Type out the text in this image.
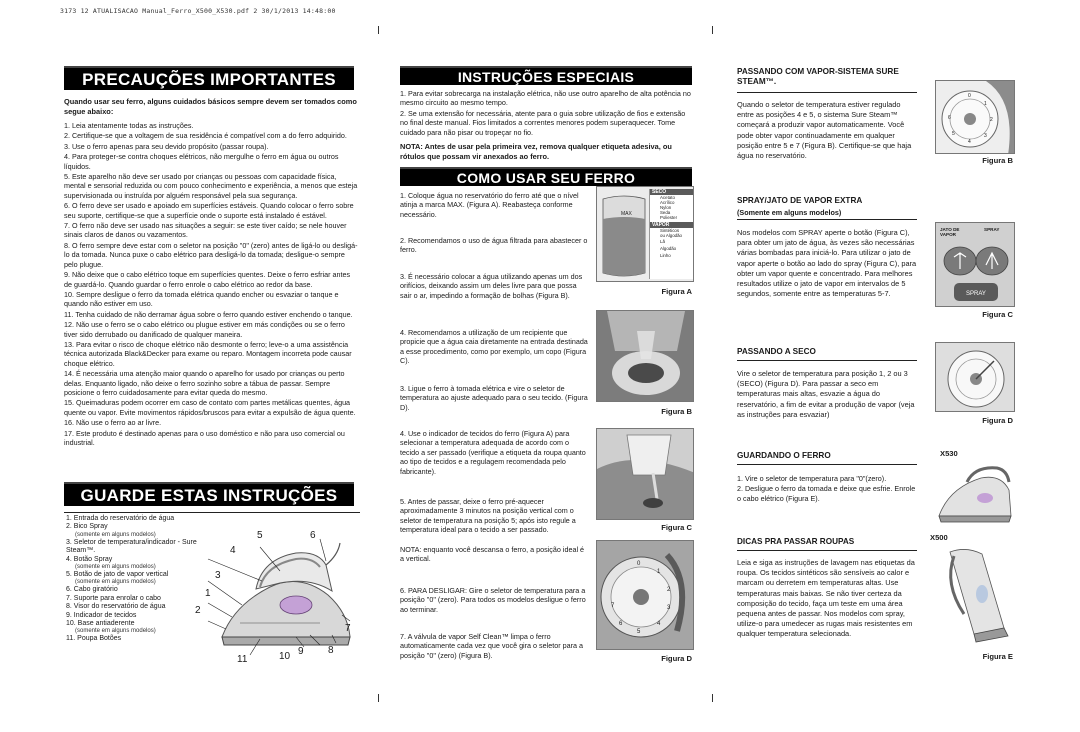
3173 12 ATUALISACAO Manual_Ferro_X500_X530.pdf 2 30/1/2013 14:48:00
PRECAUÇÕES IMPORTANTES
Quando usar seu ferro, alguns cuidados básicos sempre devem ser tomados como segue abaixo:

1. Leia atentamente todas as instruções.

2. Certifique-se que a voltagem de sua residência é compatível com a do ferro adquirido.

3. Use o ferro apenas para seu devido propósito (passar roupa).

4. Para proteger-se contra choques elétricos, não mergulhe o ferro em água ou outros líquidos.

5. Este aparelho não deve ser usado por crianças ou pessoas com capacidade física, mental e sensorial reduzida ou com pouco conhecimento e experiência, a menos que esteja supervisionada ou instruída por alguém responsável pela sua segurança.

6. O ferro deve ser usado e apoiado em superfícies estáveis. Quando colocar o ferro sobre seu suporte, certifique-se que a superfície onde o suporte está instalado é estável.

7. O ferro não deve ser usado nas situações a seguir: se este tiver caído; se nele houver sinais claros de danos ou vazamentos.

8. O ferro sempre deve estar com o seletor na posição "0" (zero) antes de ligá-lo ou desligá-lo da tomada. Nunca puxe o cabo elétrico para desligá-lo da tomada; desligue-o sempre pelo plugue.

9. Não deixe que o cabo elétrico toque em superfícies quentes. Deixe o ferro esfriar antes de guardá-lo. Quando guardar o ferro enrole o cabo elétrico ao redor da base.

10. Sempre desligue o ferro da tomada elétrica quando encher ou esvaziar o tanque e quando não estiver em uso.

11. Tenha cuidado de não derramar água sobre o ferro quando estiver enchendo o tanque.

12. Não use o ferro se o cabo elétrico ou plugue estiver em más condições ou se o ferro tiver sido derrubado ou danificado de qualquer maneira.

13. Para evitar o risco de choque elétrico não desmonte o ferro; leve-o a uma assistência técnica autorizada Black&Decker para exame ou reparo. Montagem incorreta pode causar choque elétrico.

14. É necessária uma atenção maior quando o aparelho for usado por crianças ou perto delas. Enquanto ligado, não deixe o ferro sozinho sobre a tábua de passar. Sempre posicione o ferro cuidadosamente para evitar queda do mesmo.

15. Queimaduras podem ocorrer em caso de contato com partes metálicas quentes, água quente ou vapor. Evite movimentos rápidos/bruscos para evitar a expulsão de água quente.

16. Não use o ferro ao ar livre.

17. Este produto é destinado apenas para o uso doméstico e não para uso comercial ou industrial.

GUARDE ESTAS INSTRUÇÕES
1. Entrada do reservatório de água
2. Bico Spray
(somente em alguns modelos)
3. Seletor de temperatura/indicador - Sure Steam™.
4. Botão Spray
(somente em alguns modelos)
5. Botão de jato de vapor vertical
(somente em alguns modelos)
6. Cabo giratório
7. Suporte para enrolar o cabo
8. Visor do reservatório de água
9. Indicador de tecidos
10. Base antiaderente
(somente em alguns modelos)
11. Poupa Botões
5	6
4
3
1
2
7
8
9
10
11
INSTRUÇÕES ESPECIAIS

1. Para evitar sobrecarga na instalação elétrica, não use outro aparelho de alta potência no mesmo circuito ao mesmo tempo.

2. Se uma extensão for necessária, atente para o guia sobre utilização de fios e extensão no final deste manual. Fios limitados a correntes menores podem superaquecer. Tome cuidado para não pisar ou tropeçar no fio.

NOTA: Antes de usar pela primeira vez, remova qualquer etiqueta adesiva, ou rótulos que possam vir anexados ao ferro.
COMO USAR SEU FERRO
1. Coloque água no reservatório do ferro até que o nível atinja a marca MAX. (Figura A). Reabasteça conforme necessário.
2. Recomendamos o uso de água filtrada para abastecer o ferro.
3. É necessário colocar a água utilizando apenas um dos orifícios, deixando assim um deles livre para que possa sair o ar, impedindo a formação de bolhas (Figura B).
4. Recomendamos a utilização de um recipiente que propicie que a água caia diretamente na entrada destinada a esse procedimento, como por exemplo, um copo (Figura C).
3. Ligue o ferro à tomada elétrica e vire o seletor de temperatura ao ajuste adequado para o seu tecido. (Figura D).
4. Use o indicador de tecidos do ferro (Figura A) para selecionar a temperatura adequada de acordo com o tecido a ser passado (verifique a etiqueta da roupa quanto ao tipo de tecidos e a regulagem recomendada pelo fabricante).
5. Antes de passar, deixe o ferro pré-aquecer aproximadamente 3 minutos na posição vertical com o seletor de temperatura na posição 5; após isto regule a temperatura ideal para o tecido a ser passado.
NOTA: enquanto você descansa o ferro, a posição ideal é a vertical.
6. PARA DESLIGAR: Gire o seletor de temperatura para a posição "0" (zero). Para todos os modelos desligue o ferro ao terminar.
7. A válvula de vapor Self Clean™ limpa o ferro automaticamente cada vez que você gira o seletor para a posição "0" (zero) (Figura B).
MAX
SECO
Acetato
Acrílico
Nylon
Seda
Poliester
VAPOR
Sintéticos
ou Algodão
Lã
Algodão
Linho
Figura A
Figura B
Figura C
0
1
2
3
4
5
6
7
Figura D
PASSANDO COM VAPOR-SISTEMA SURE STEAM™.
Quando o seletor de temperatura estiver regulado entre as posições 4 e 5, o sistema Sure Steam™ começará a produzir vapor automaticamente. Você pode obter vapor continuadamente em qualquer posição entre 5 e 7 (Figura B). Certifique-se que haja água no reservatório.
0
1
2
3
4
5
6
Figura B
SPRAY/JATO DE VAPOR EXTRA
(Somente em alguns modelos)
Nos modelos com SPRAY aperte o botão (Figura C), para obter um jato de água, às vezes são necessárias várias bombadas para iniciá-lo. Para utilizar o jato de vapor aperte o botão ao lado do spray (Figura C), para obter um vapor quente e concentrado. Para melhores resultados utilize o jato de vapor em intervalos de 5 segundos, somente entre as temperaturas 5-7.
JATO DE VAPOR
SPRAY
SPRAY
Figura C
PASSANDO A SECO
Vire o seletor de temperatura para posição 1, 2 ou 3 (SECO) (Figura D). Para passar a seco em temperaturas mais altas, esvazie a água do reservatório, a fim de evitar a produção de vapor (veja as instruções para esvaziar)
Figura D
GUARDANDO O FERRO

1. Vire o seletor de temperatura para "0"(zero).

2. Desligue o ferro da tomada e deixe que esfrie. Enrole o cabo elétrico (Figura E).

DICAS PRA PASSAR ROUPAS
Leia e siga as instruções de lavagem nas etiquetas da roupa. Os tecidos sintéticos são sensíveis ao calor e marcam ou derretem em temperaturas altas. Use temperaturas mais baixas. Se não tiver certeza da composição do tecido, faça um teste em uma área pequena antes de passar. Nos modelos com spray, utilize-o para umedecer as rugas mais resistentes em qualquer temperatura selecionada.
X530
X500
Figura E
